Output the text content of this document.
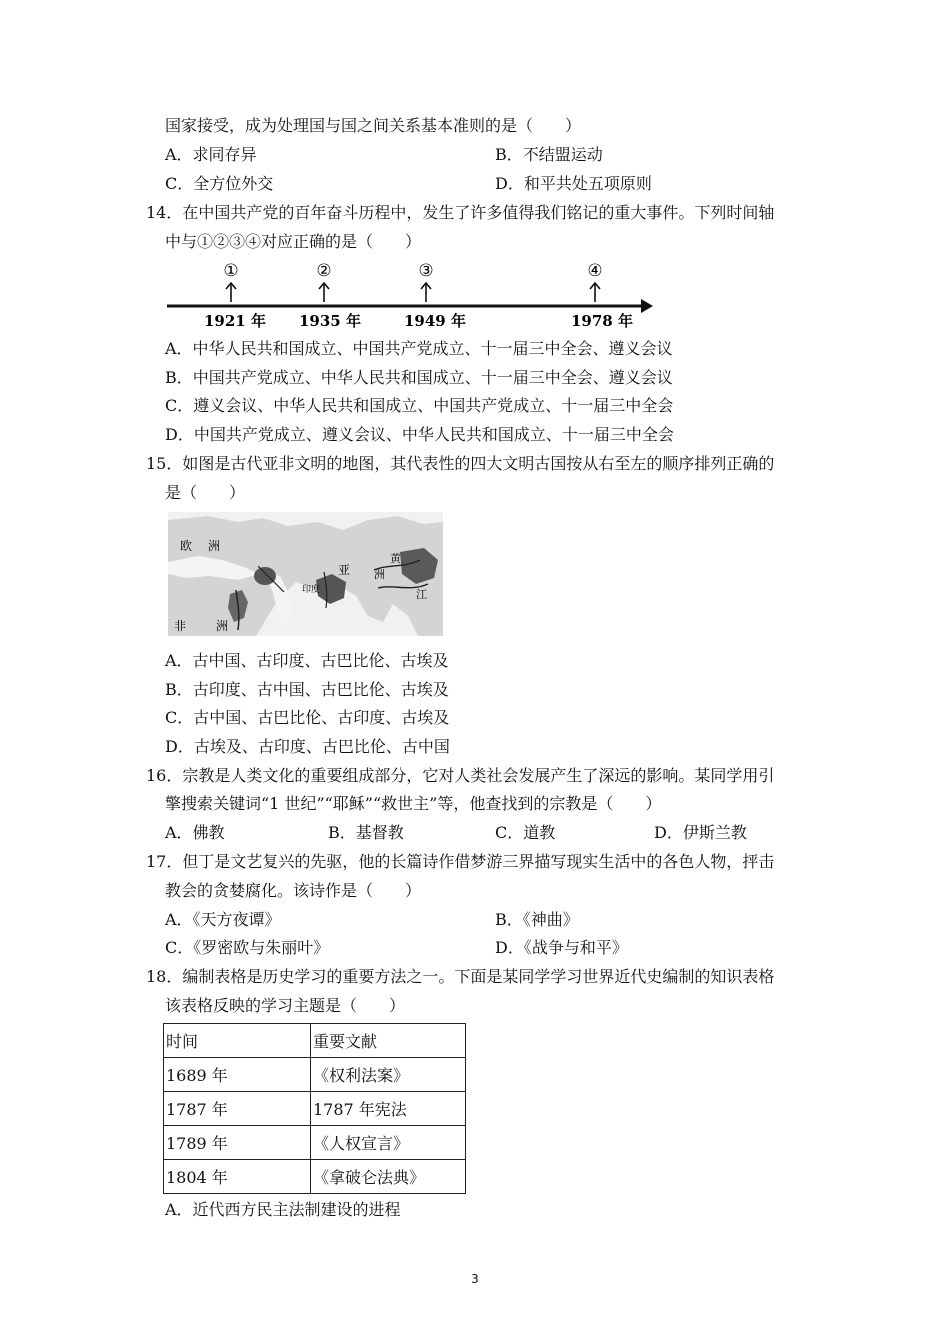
国家接受，成为处理国与国之间关系基本准则的是（　　）
A．求同存异	B．不结盟运动
C．全方位外交	D．和平共处五项原则
14．在中国共产党的百年奋斗历程中，发生了许多值得我们铭记的重大事件。下列时间轴
中与①②③④对应正确的是（　　）
①
1921 年
②
1935 年
③
1949 年
④
1978 年
A．中华人民共和国成立、中国共产党成立、十一届三中全会、遵义会议
B．中国共产党成立、中华人民共和国成立、十一届三中全会、遵义会议
C．遵义会议、中华人民共和国成立、中国共产党成立、十一届三中全会
D．中国共产党成立、遵义会议、中华人民共和国成立、十一届三中全会
15．如图是古代亚非文明的地图，其代表性的四大文明古国按从右至左的顺序排列正确的
是（　　）
欧 洲
非 洲
亚 洲
黄
江
印度
A．古中国、古印度、古巴比伦、古埃及
B．古印度、古中国、古巴比伦、古埃及
C．古中国、古巴比伦、古印度、古埃及
D．古埃及、古印度、古巴比伦、古中国
16．宗教是人类文化的重要组成部分，它对人类社会发展产生了深远的影响。某同学用引
擎搜索关键词“1 世纪”“耶稣”“救世主”等，他查找到的宗教是（　　）
A．佛教	B．基督教	C．道教	D．伊斯兰教
17．但丁是文艺复兴的先驱，他的长篇诗作借梦游三界描写现实生活中的各色人物，抨击
教会的贪婪腐化。该诗作是（　　）
A．《天方夜谭》	B．《神曲》
C．《罗密欧与朱丽叶》	D．《战争与和平》
18．编制表格是历史学习的重要方法之一。下面是某同学学习世界近代史编制的知识表格
该表格反映的学习主题是（　　）
时间	重要文献
1689 年	《权利法案》
1787 年	1787 年宪法
1789 年	《人权宣言》
1804 年	《拿破仑法典》
A．近代西方民主法制建设的进程
3
